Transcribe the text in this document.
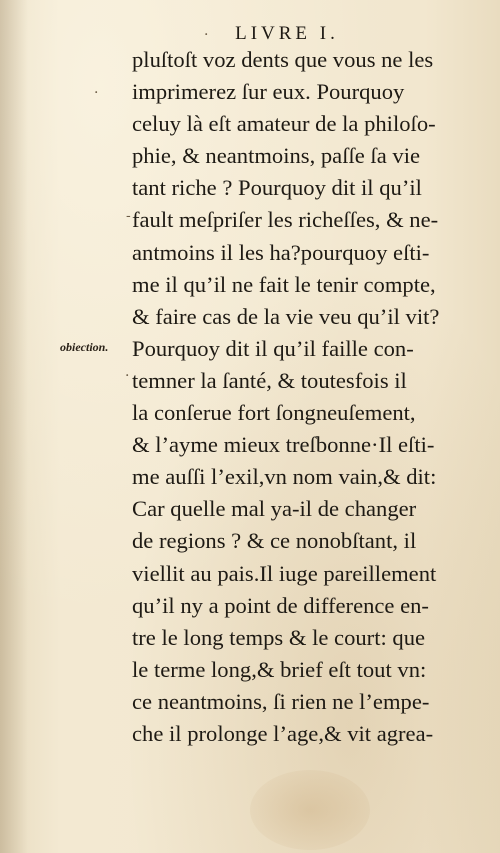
·
·
-
·
LIVRE I.
obiection.
pluſtoſt voz dents que vous ne les
imprimerez ſur eux. Pourquoy
celuy là eſt amateur de la philoſo-
phie, & neantmoins, paſſe ſa vie
tant riche ? Pourquoy dit il qu’il
fault meſpriſer les richeſſes, & ne-
antmoins il les ha?pourquoy eſti-
me il qu’il ne fait le tenir compte,
& faire cas de la vie veu qu’il vit?
Pourquoy dit il qu’il faille con-
temner la ſanté, & toutesfois il
la conſerue fort ſongneuſement,
& l’ayme mieux treſbonne·Il eſti-
me auſſi l’exil,vn nom vain,& dit:
Car quelle mal ya-il de changer
de regions ? & ce nonobſtant, il
viellit au pais.Il iuge pareillement
qu’il ny a point de difference en-
tre le long temps & le court: que
le terme long,& brief eſt tout vn:
ce neantmoins, ſi rien ne l’empe-
che il prolonge l’age,& vit agrea-
